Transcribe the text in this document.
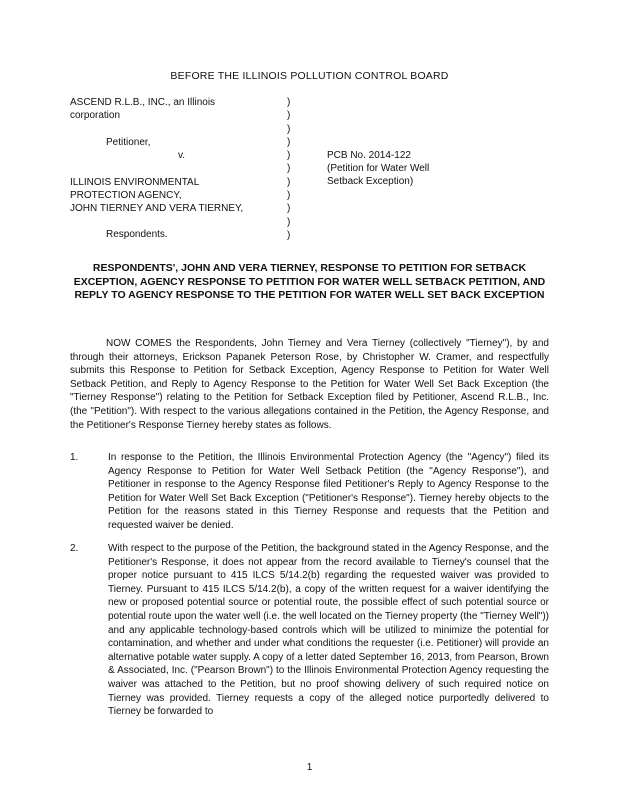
BEFORE THE ILLINOIS POLLUTION CONTROL BOARD
ASCEND R.L.B., INC., an Illinois
corporation
Petitioner,
v.
ILLINOIS ENVIRONMENTAL
PROTECTION AGENCY,
JOHN TIERNEY AND VERA TIERNEY,
Respondents.
)
)
)
)
)
)
)
)
)
)
)
PCB No. 2014-122
(Petition for Water Well
Setback Exception)
RESPONDENTS', JOHN AND VERA TIERNEY, RESPONSE TO PETITION FOR SETBACK EXCEPTION, AGENCY RESPONSE TO PETITION FOR WATER WELL SETBACK PETITION, AND REPLY TO AGENCY RESPONSE TO THE PETITION FOR WATER WELL SET BACK EXCEPTION
NOW COMES the Respondents, John Tierney and Vera Tierney (collectively "Tierney"), by and through their attorneys, Erickson Papanek Peterson Rose, by Christopher W. Cramer, and respectfully submits this Response to Petition for Setback Exception, Agency Response to Petition for Water Well Setback Petition, and Reply to Agency Response to the Petition for Water Well Set Back Exception (the "Tierney Response") relating to the Petition for Setback Exception filed by Petitioner, Ascend R.L.B., Inc. (the "Petition"). With respect to the various allegations contained in the Petition, the Agency Response, and the Petitioner's Response Tierney hereby states as follows.
1.	In response to the Petition, the Illinois Environmental Protection Agency (the "Agency") filed its Agency Response to Petition for Water Well Setback Petition (the "Agency Response"), and Petitioner in response to the Agency Response filed Petitioner's Reply to Agency Response to the Petition for Water Well Set Back Exception ("Petitioner's Response"). Tierney hereby objects to the Petition for the reasons stated in this Tierney Response and requests that the Petition and requested waiver be denied.

2.	With respect to the purpose of the Petition, the background stated in the Agency Response, and the Petitioner's Response, it does not appear from the record available to Tierney's counsel that the proper notice pursuant to 415 ILCS 5/14.2(b) regarding the requested waiver was provided to Tierney. Pursuant to 415 ILCS 5/14.2(b), a copy of the written request for a waiver identifying the new or proposed potential source or potential route, the possible effect of such potential source or potential route upon the water well (i.e. the well located on the Tierney property (the "Tierney Well")) and any applicable technology-based controls which will be utilized to minimize the potential for contamination, and whether and under what conditions the requester (i.e. Petitioner) will provide an alternative potable water supply. A copy of a letter dated September 16, 2013, from Pearson, Brown & Associated, Inc. ("Pearson Brown") to the Illinois Environmental Protection Agency requesting the waiver was attached to the Petition, but no proof showing delivery of such required notice on Tierney was provided. Tierney requests a copy of the alleged notice purportedly delivered to Tierney be forwarded to

1
